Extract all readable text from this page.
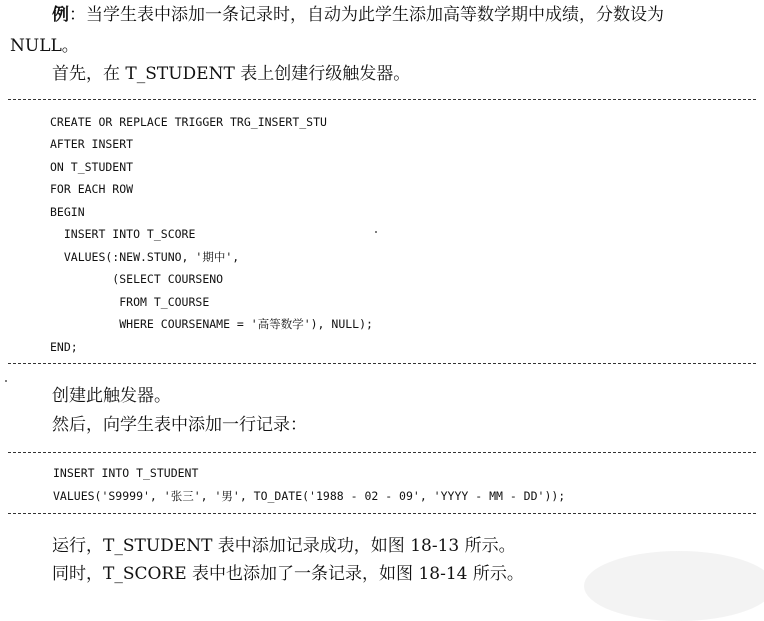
例：当学生表中添加一条记录时，自动为此学生添加高等数学期中成绩，分数设为
NULL。
首先，在 T_STUDENT 表上创建行级触发器。
CREATE OR REPLACE TRIGGER TRG_INSERT_STU
AFTER INSERT
ON T_STUDENT
FOR EACH ROW
BEGIN
INSERT INTO T_SCORE
VALUES(:NEW.STUNO, '期中',
(SELECT COURSENO
FROM T_COURSE
WHERE COURSENAME = '高等数学'), NULL);
END;
创建此触发器。
然后，向学生表中添加一行记录：
INSERT INTO T_STUDENT
VALUES('S9999', '张三', '男', TO_DATE('1988 - 02 - 09', 'YYYY - MM - DD'));
运行，T_STUDENT 表中添加记录成功，如图 18-13 所示。
同时，T_SCORE 表中也添加了一条记录，如图 18-14 所示。
